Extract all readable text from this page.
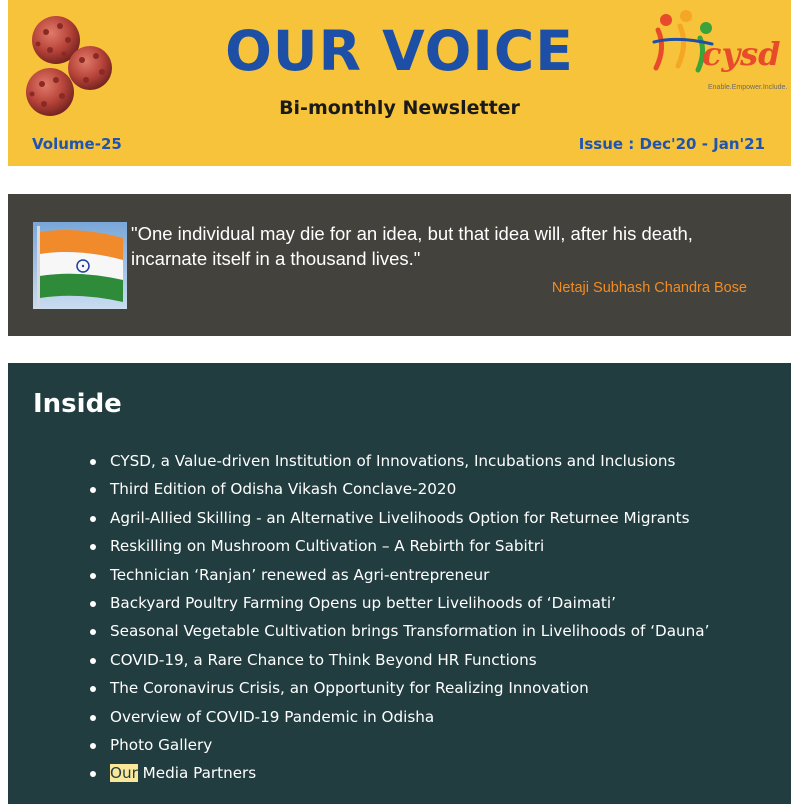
OUR VOICE
Bi-monthly Newsletter
Volume-25	Issue : Dec'20 - Jan'21
cysd
Enable.Empower.Include.
"One individual may die for an idea, but that idea will, after his death, incarnate itself in a thousand lives."
Netaji Subhash Chandra Bose
Inside
CYSD, a Value-driven Institution of Innovations, Incubations and Inclusions
Third Edition of Odisha Vikash Conclave-2020
Agril-Allied Skilling - an Alternative Livelihoods Option for Returnee Migrants
Reskilling on Mushroom Cultivation – A Rebirth for Sabitri
Technician ‘Ranjan’ renewed as Agri-entrepreneur
Backyard Poultry Farming Opens up better Livelihoods of ‘Daimati’
Seasonal Vegetable Cultivation brings Transformation in Livelihoods of ‘Dauna’
COVID-19, a Rare Chance to Think Beyond HR Functions
The Coronavirus Crisis, an Opportunity for Realizing Innovation
Overview of COVID-19 Pandemic in Odisha
Photo Gallery
Our Media Partners
